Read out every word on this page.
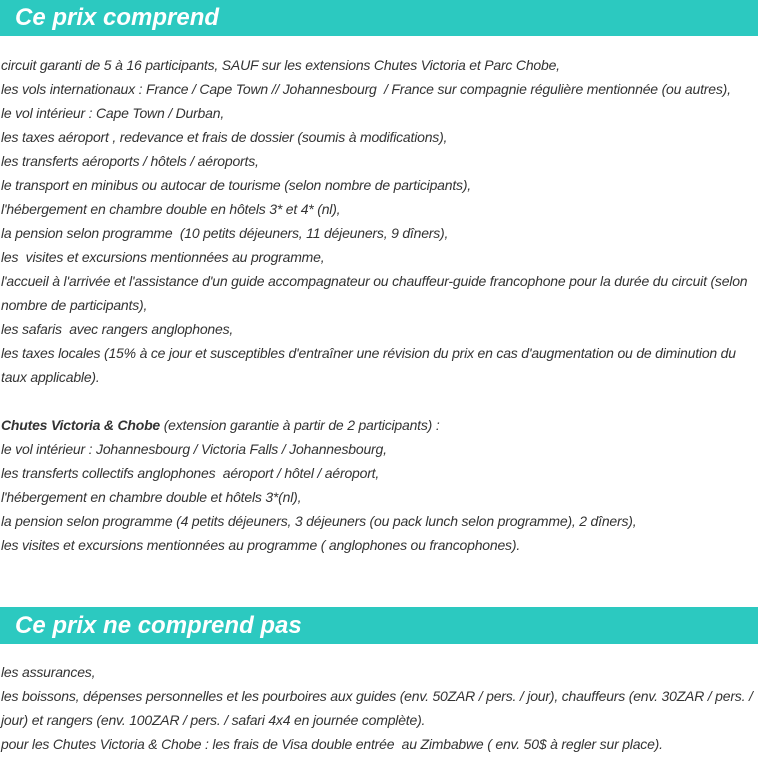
Ce prix comprend

circuit garanti de 5 à 16 participants, SAUF sur les extensions Chutes Victoria et Parc Chobe,

les vols internationaux : France / Cape Town // Johannesbourg  / France sur compagnie régulière mentionnée (ou autres),

le vol intérieur : Cape Town / Durban,

les taxes aéroport , redevance et frais de dossier (soumis à modifications),

les transferts aéroports / hôtels / aéroports,

le transport en minibus ou autocar de tourisme (selon nombre de participants),

l'hébergement en chambre double en hôtels 3* et 4* (nl),

la pension selon programme  (10 petits déjeuners, 11 déjeuners, 9 dîners),

les  visites et excursions mentionnées au programme,

l'accueil à l'arrivée et l'assistance d'un guide accompagnateur ou chauffeur-guide francophone pour la durée du circuit (selon nombre de participants),

les safaris  avec rangers anglophones,

les taxes locales (15% à ce jour et susceptibles d'entraîner une révision du prix en cas d'augmentation ou de diminution du taux applicable).

Chutes Victoria & Chobe (extension garantie à partir de 2 participants) :

le vol intérieur : Johannesbourg / Victoria Falls / Johannesbourg,

les transferts collectifs anglophones  aéroport / hôtel / aéroport,

l'hébergement en chambre double et hôtels 3*(nl),

la pension selon programme (4 petits déjeuners, 3 déjeuners (ou pack lunch selon programme), 2 dîners),

les visites et excursions mentionnées au programme ( anglophones ou francophones).

Ce prix ne comprend pas

les assurances,

les boissons, dépenses personnelles et les pourboires aux guides (env. 50ZAR / pers. / jour), chauffeurs (env. 30ZAR / pers. / jour) et rangers (env. 100ZAR / pers. / safari 4x4 en journée complète).

pour les Chutes Victoria & Chobe : les frais de Visa double entrée  au Zimbabwe ( env. 50$ à regler sur place).
